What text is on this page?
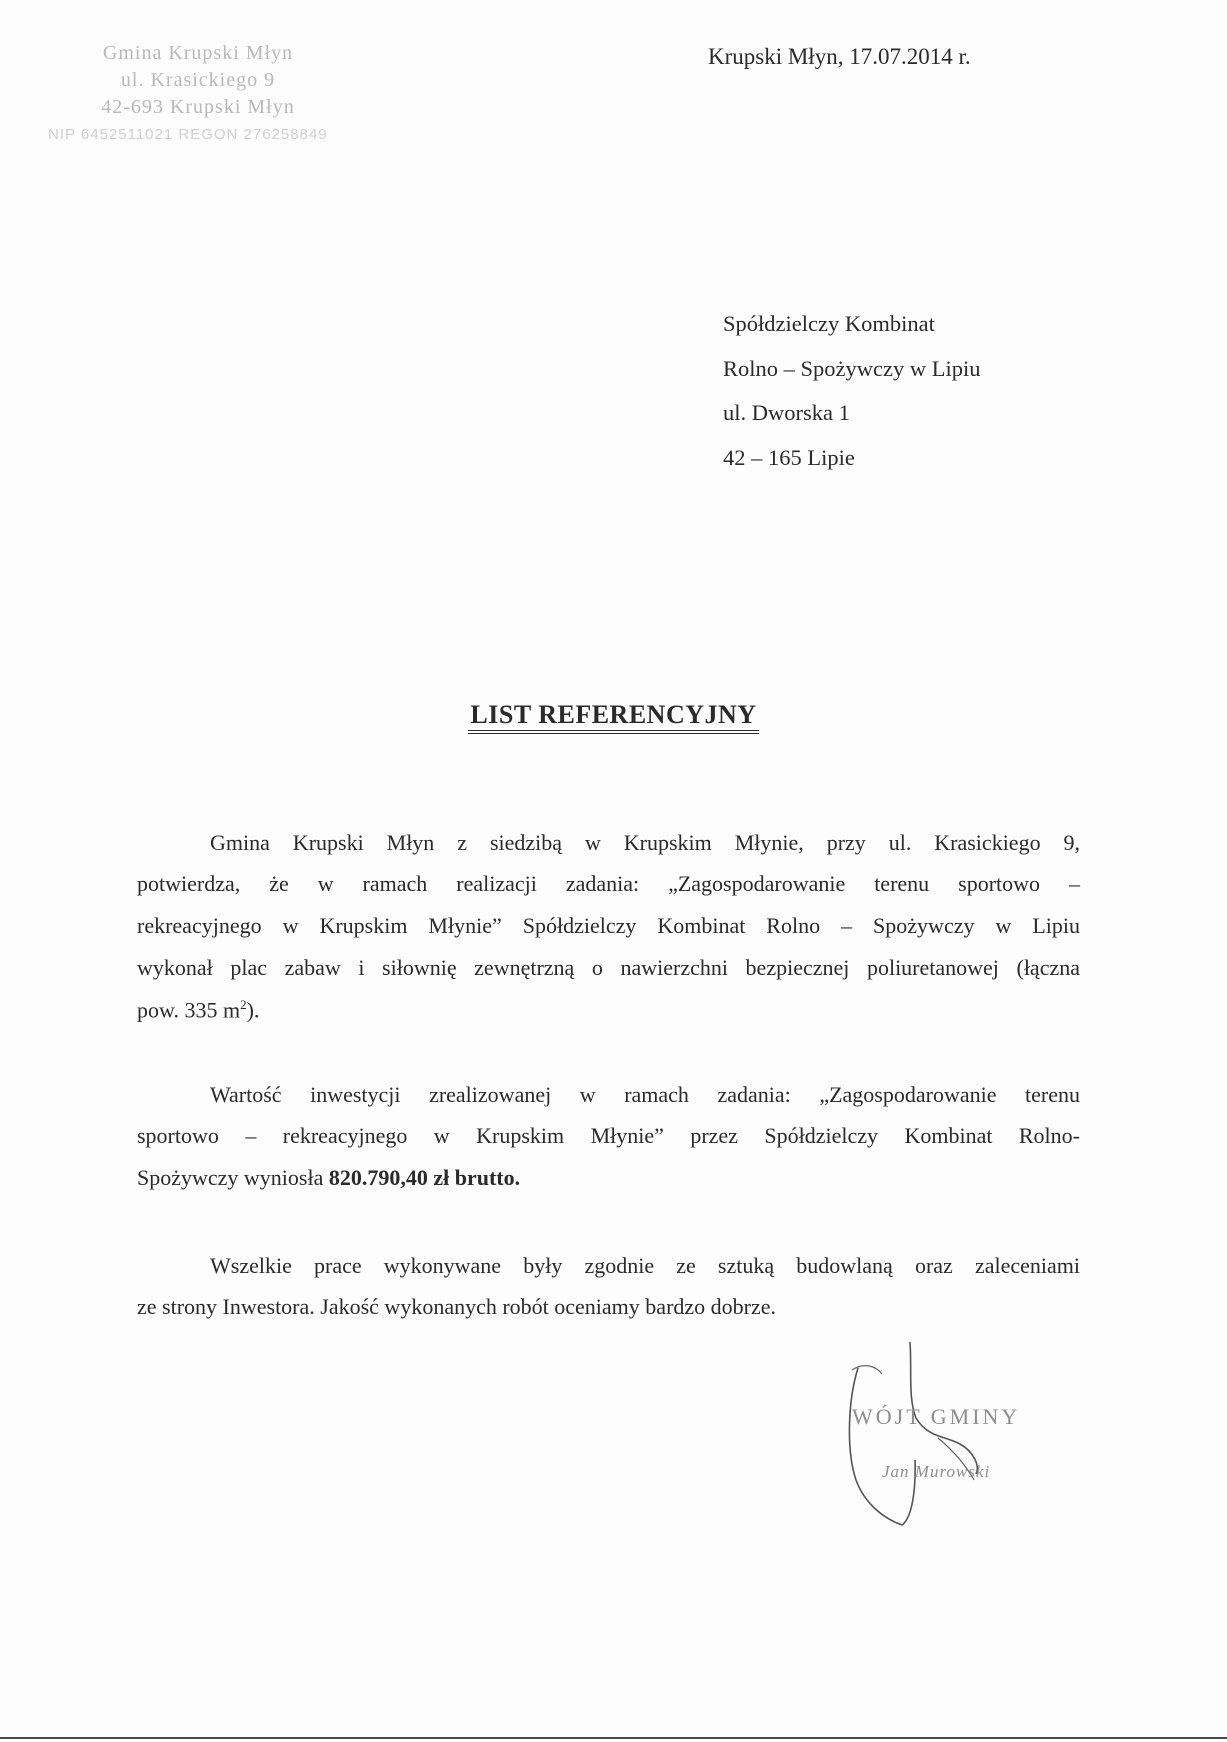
Gmina Krupski Młyn
ul. Krasickiego 9
42-693 Krupski Młyn
NIP 6452511021 REGON 276258849
Krupski Młyn, 17.07.2014 r.
Spółdzielczy Kombinat
Rolno – Spożywczy w Lipiu
ul. Dworska 1
42 – 165 Lipie
LIST REFERENCYJNY
Gmina Krupski Młyn z siedzibą w Krupskim Młynie, przy ul. Krasickiego 9,
potwierdza, że w ramach realizacji zadania: „Zagospodarowanie terenu sportowo –
rekreacyjnego w Krupskim Młynie” Spółdzielczy Kombinat Rolno – Spożywczy w Lipiu
wykonał plac zabaw i siłownię zewnętrzną o nawierzchni bezpiecznej poliuretanowej (łączna
pow. 335 $m^2$).
Wartość inwestycji zrealizowanej w ramach zadania: „Zagospodarowanie terenu
sportowo – rekreacyjnego w Krupskim Młynie” przez Spółdzielczy Kombinat Rolno-
Spożywczy wyniosła 820.790,40 zł brutto.
Wszelkie prace wykonywane były zgodnie ze sztuką budowlaną oraz zaleceniami
ze strony Inwestora. Jakość wykonanych robót oceniamy bardzo dobrze.
WÓJT GMINY
Jan Murowski
